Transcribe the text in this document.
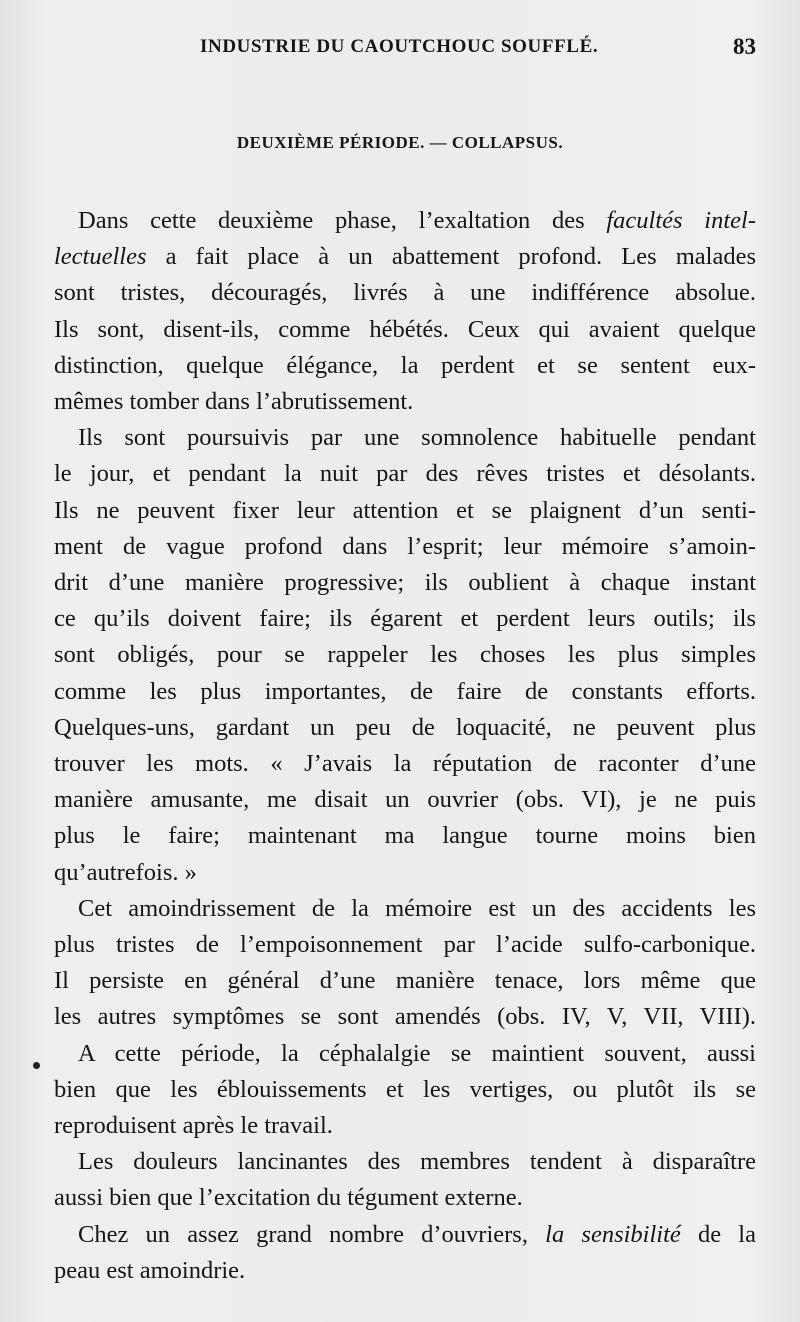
INDUSTRIE DU CAOUTCHOUC SOUFFLÉ.	83
DEUXIÈME PÉRIODE. — COLLAPSUS.
Dans cette deuxième phase, l’exaltation des facultés intel-
lectuelles a fait place à un abattement profond. Les malades
sont tristes, découragés, livrés à une indifférence absolue.
Ils sont, disent-ils, comme hébétés. Ceux qui avaient quelque
distinction, quelque élégance, la perdent et se sentent eux-
mêmes tomber dans l’abrutissement.
Ils sont poursuivis par une somnolence habituelle pendant
le jour, et pendant la nuit par des rêves tristes et désolants.
Ils ne peuvent fixer leur attention et se plaignent d’un senti-
ment de vague profond dans l’esprit; leur mémoire s’amoin-
drit d’une manière progressive; ils oublient à chaque instant
ce qu’ils doivent faire; ils égarent et perdent leurs outils; ils
sont obligés, pour se rappeler les choses les plus simples
comme les plus importantes, de faire de constants efforts.
Quelques-uns, gardant un peu de loquacité, ne peuvent plus
trouver les mots. « J’avais la réputation de raconter d’une
manière amusante, me disait un ouvrier (obs. VI), je ne puis
plus le faire; maintenant ma langue tourne moins bien
qu’autrefois. »
Cet amoindrissement de la mémoire est un des accidents les
plus tristes de l’empoisonnement par l’acide sulfo-carbonique.
Il persiste en général d’une manière tenace, lors même que
les autres symptômes se sont amendés (obs. IV, V, VII, VIII).
A cette période, la céphalalgie se maintient souvent, aussi
bien que les éblouissements et les vertiges, ou plutôt ils se
reproduisent après le travail.
Les douleurs lancinantes des membres tendent à disparaître
aussi bien que l’excitation du tégument externe.
Chez un assez grand nombre d’ouvriers, la sensibilité de la
peau est amoindrie.
